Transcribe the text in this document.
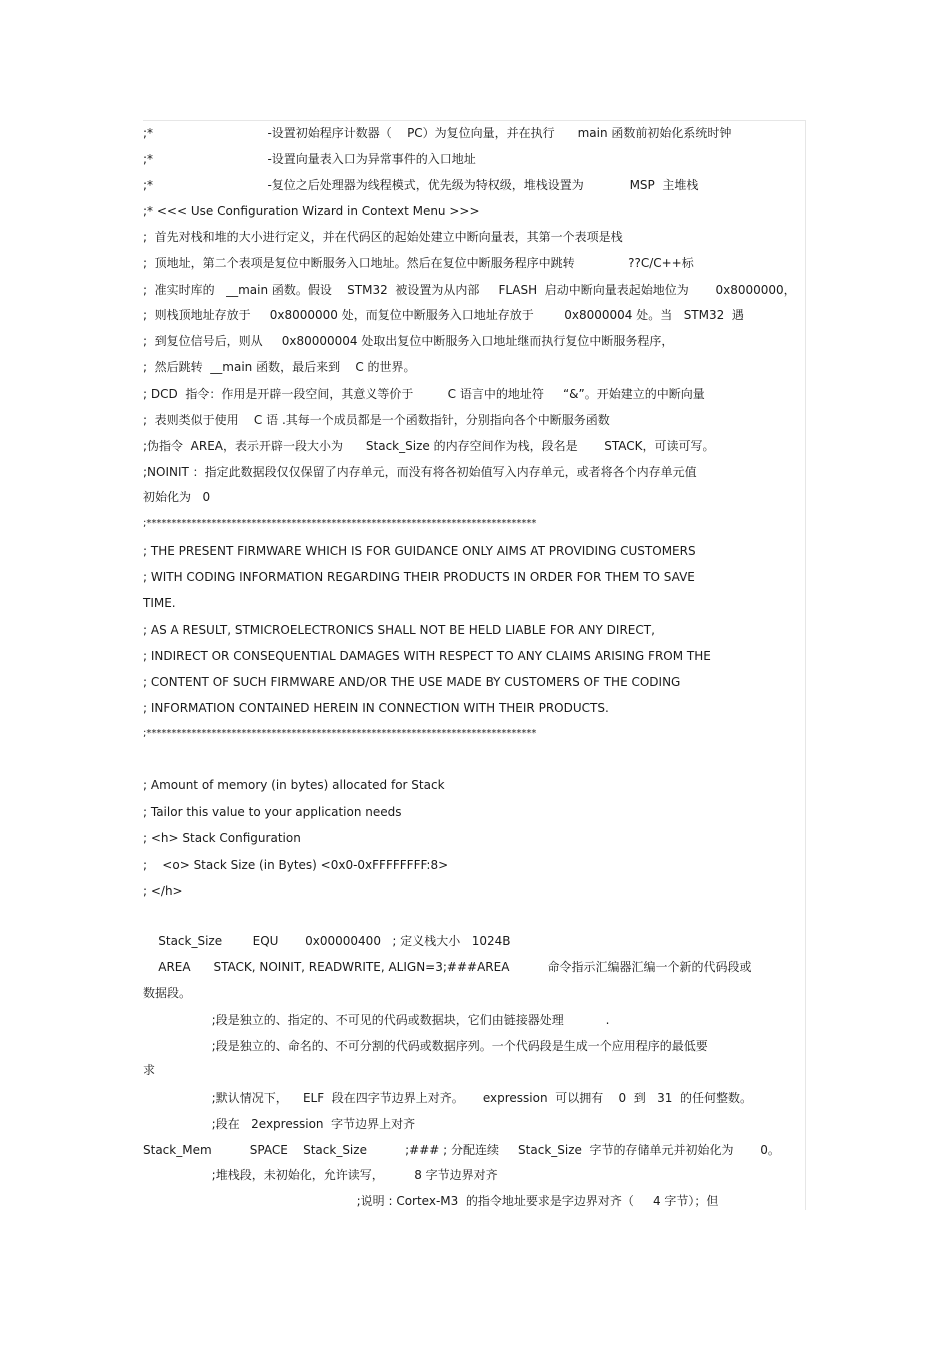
;*                              -设置初始程序计数器（    PC）为复位向量，并在执行      main 函数前初始化系统时钟
;*                              -设置向量表入口为异常事件的入口地址
;*                              -复位之后处理器为线程模式，优先级为特权级，堆栈设置为            MSP  主堆栈
;* <<< Use Configuration Wizard in Context Menu >>>
;  首先对栈和堆的大小进行定义，并在代码区的起始处建立中断向量表，其第一个表项是栈
;  顶地址，第二个表项是复位中断服务入口地址。然后在复位中断服务程序中跳转              ??C/C++标
;  准实时库的   __main 函数。假设    STM32  被设置为从内部     FLASH  启动中断向量表起始地位为       0x8000000，
;  则栈顶地址存放于     0x8000000 处，而复位中断服务入口地址存放于        0x8000004 处。当   STM32  遇
;  到复位信号后，则从     0x80000004 处取出复位中断服务入口地址继而执行复位中断服务程序，
;  然后跳转  __main 函数，最后来到    C 的世界。
; DCD  指令：作用是开辟一段空间，其意义等价于         C 语言中的地址符     “&”。开始建立的中断向量
;  表则类似于使用    C 语 .其每一个成员都是一个函数指针，分别指向各个中断服务函数
;伪指令  AREA，表示开辟一段大小为      Stack_Size 的内存空间作为栈，段名是       STACK，可读可写。
;NOINIT ：指定此数据段仅仅保留了内存单元，而没有将各初始值写入内存单元，或者将各个内存单元值
初始化为   0
;******************************************************************************
; THE PRESENT FIRMWARE WHICH IS FOR GUIDANCE ONLY AIMS AT PROVIDING CUSTOMERS
; WITH CODING INFORMATION REGARDING THEIR PRODUCTS IN ORDER FOR THEM TO SAVE
TIME.
; AS A RESULT, STMICROELECTRONICS SHALL NOT BE HELD LIABLE FOR ANY DIRECT,
; INDIRECT OR CONSEQUENTIAL DAMAGES WITH RESPECT TO ANY CLAIMS ARISING FROM THE
; CONTENT OF SUCH FIRMWARE AND/OR THE USE MADE BY CUSTOMERS OF THE CODING
; INFORMATION CONTAINED HEREIN IN CONNECTION WITH THEIR PRODUCTS.
;******************************************************************************
; Amount of memory (in bytes) allocated for Stack
; Tailor this value to your application needs
; <h> Stack Configuration
;    <o> Stack Size (in Bytes) <0x0-0xFFFFFFFF:8>
; </h>
Stack_Size        EQU       0x00000400   ; 定义栈大小   1024B
AREA      STACK, NOINIT, READWRITE, ALIGN=3;###AREA          命令指示汇编器汇编一个新的代码段或
数据段。
;段是独立的、指定的、不可见的代码或数据块，它们由链接器处理           .
;段是独立的、命名的、不可分割的代码或数据序列。一个代码段是生成一个应用程序的最低要
求
;默认情况下，    ELF  段在四字节边界上对齐。     expression  可以拥有    0  到   31  的任何整数。
;段在   2expression  字节边界上对齐
Stack_Mem          SPACE    Stack_Size          ;### ; 分配连续     Stack_Size  字节的存储单元并初始化为       0。
;堆栈段，未初始化，允许读写，        8 字节边界对齐
;说明 : Cortex-M3  的指令地址要求是字边界对齐（     4 字节）；但
